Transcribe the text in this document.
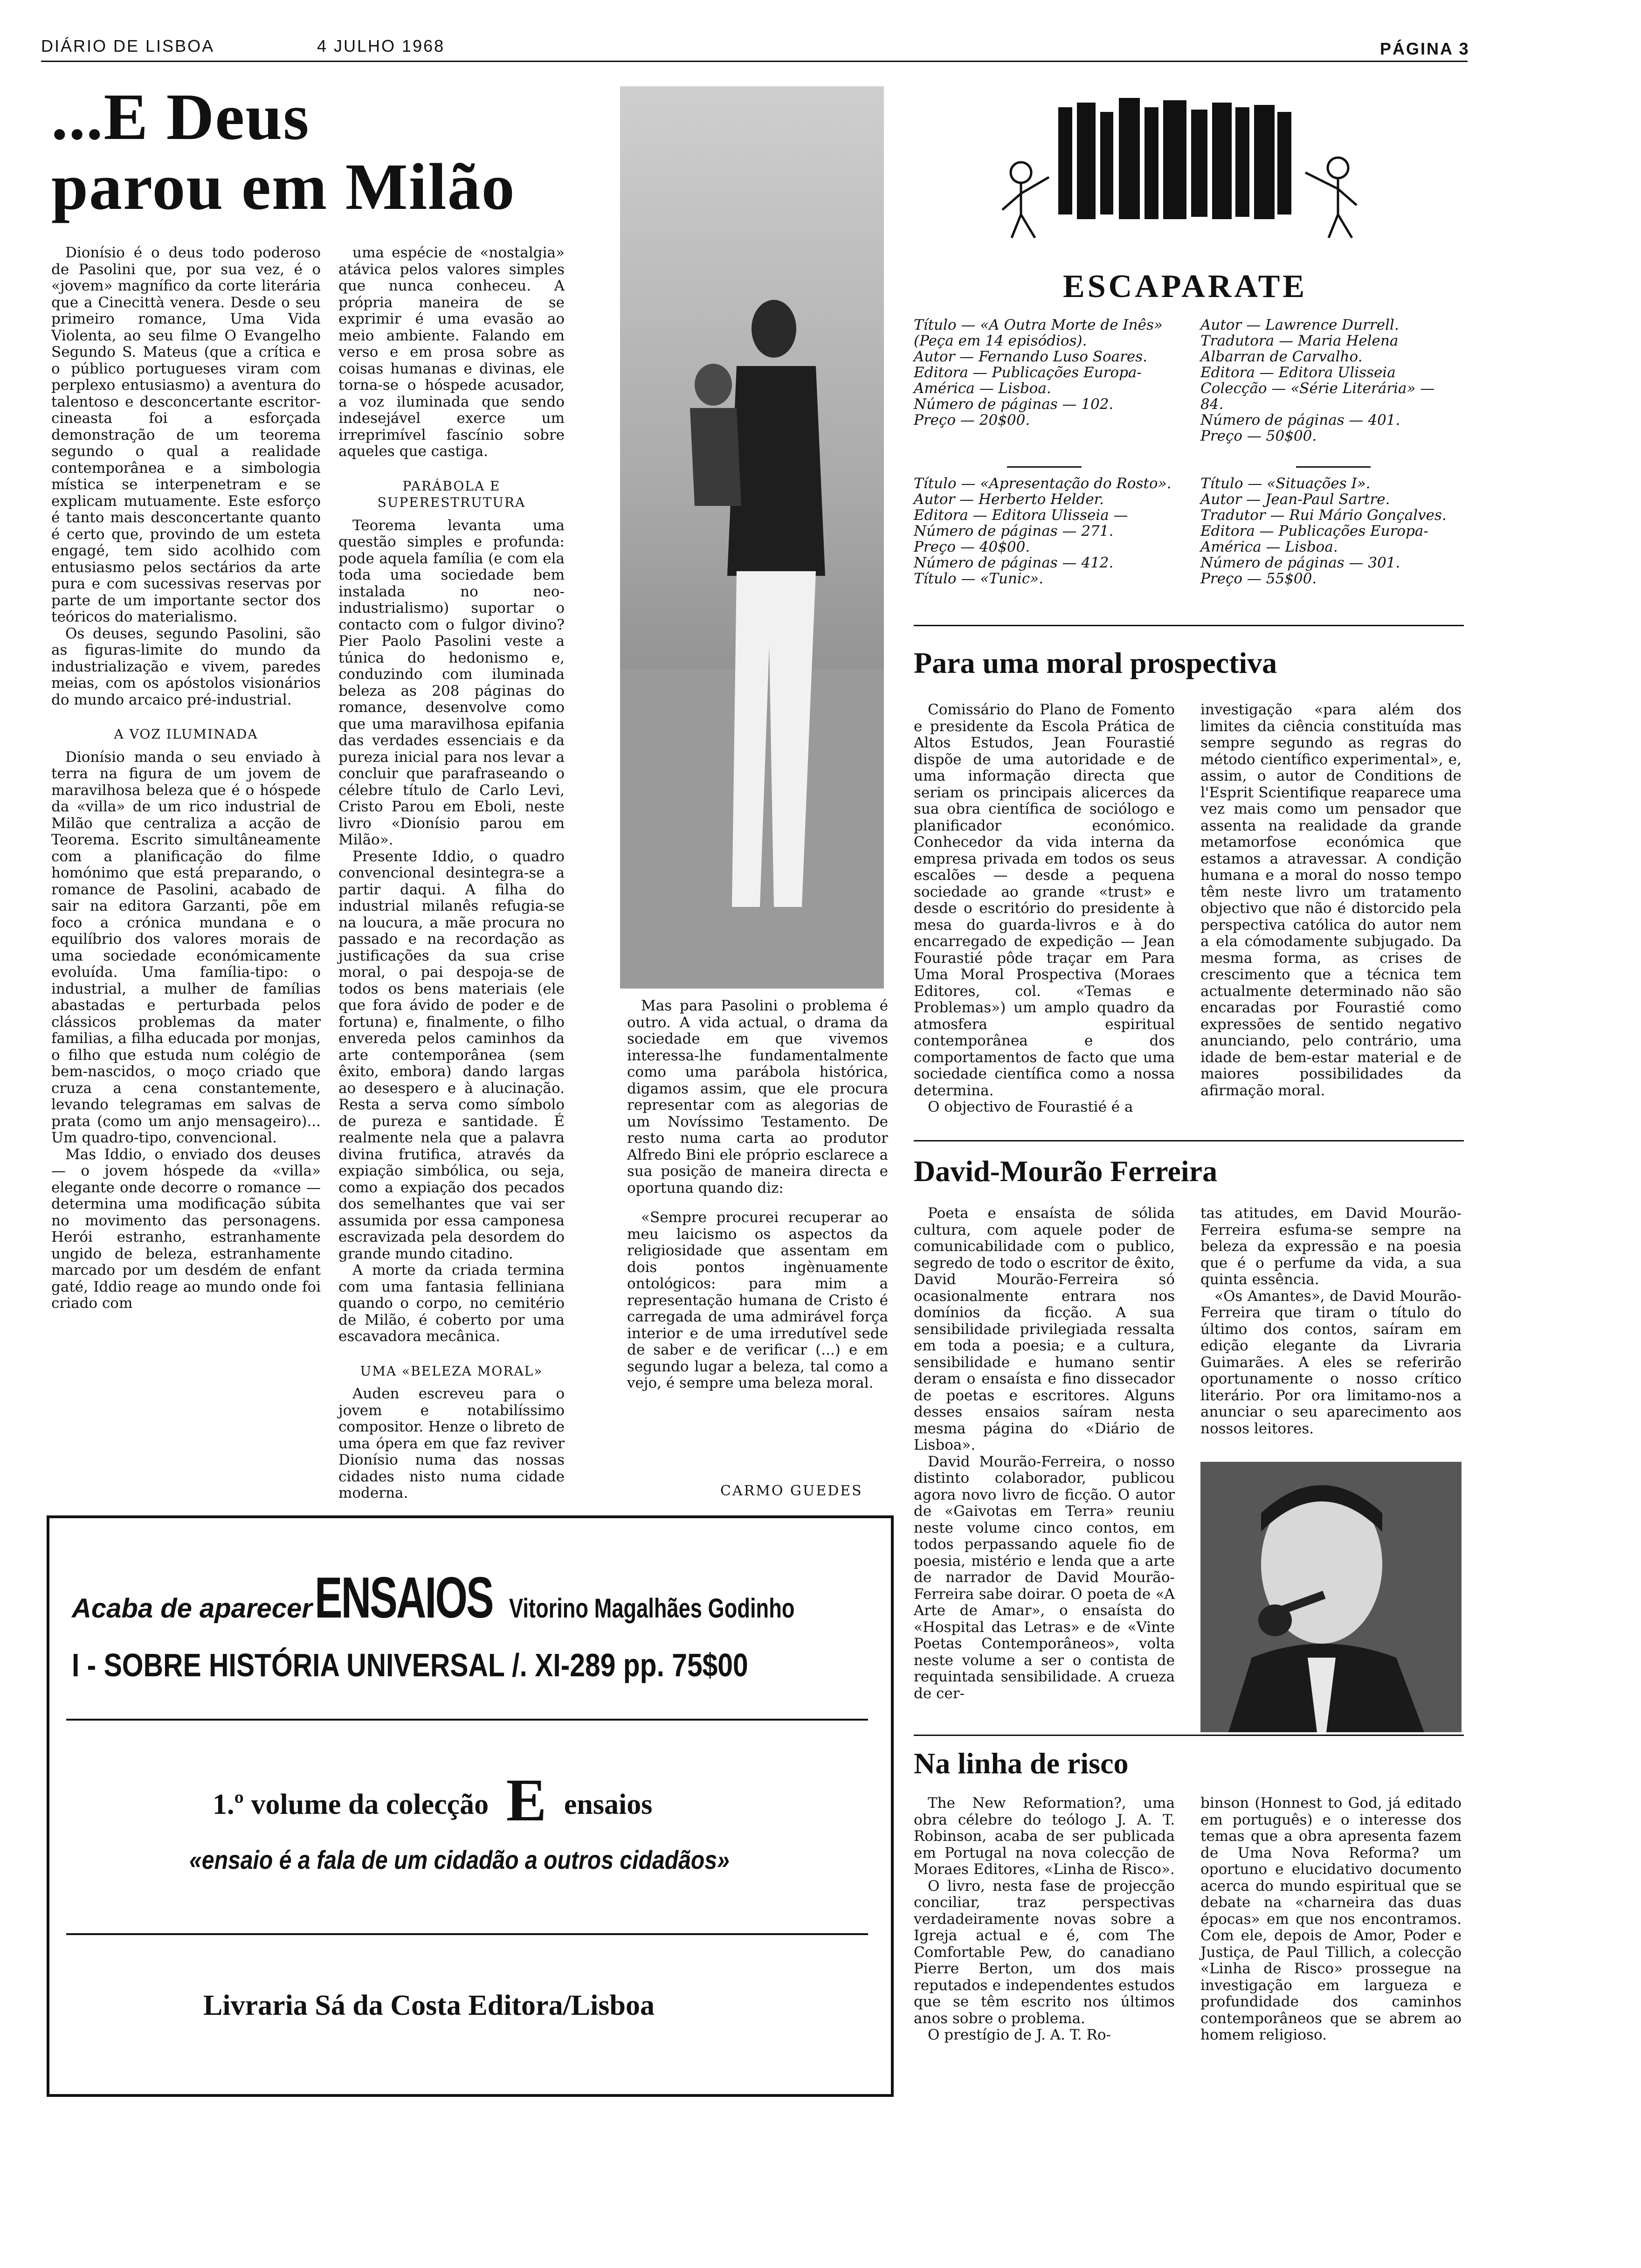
DIÁRIO DE LISBOA	4 JULHO 1968	PÁGINA 3
...E Deus
parou em Milão

Dionísio é o deus todo poderoso de Pasolini que, por sua vez, é o «jovem» magnífico da corte literária que a Cinecittà venera. Desde o seu primeiro romance, Uma Vida Violenta, ao seu filme O Evangelho Segundo S. Mateus (que a crítica e o público portugueses viram com perplexo entusiasmo) a aventura do talentoso e desconcertante escritor-cineasta foi a esforçada demonstração de um teorema segundo o qual a realidade contemporânea e a simbologia mística se interpenetram e se explicam mutuamente. Este esforço é tanto mais desconcertante quanto é certo que, provindo de um esteta engagé, tem sido acolhido com entusiasmo pelos sectários da arte pura e com sucessivas reservas por parte de um importante sector dos teóricos do materialismo.

Os deuses, segundo Pasolini, são as figuras-limite do mundo da industrialização e vivem, paredes meias, com os apóstolos visionários do mundo arcaico pré-industrial.

A VOZ ILUMINADA

Dionísio manda o seu enviado à terra na figura de um jovem de maravilhosa beleza que é o hóspede da «villa» de um rico industrial de Milão que centraliza a acção de Teorema. Escrito simultâneamente com a planificação do filme homónimo que está preparando, o romance de Pasolini, acabado de sair na editora Garzanti, põe em foco a crónica mundana e o equilíbrio dos valores morais de uma sociedade económicamente evoluída. Uma família-tipo: o industrial, a mulher de famílias abastadas e perturbada pelos clássicos problemas da mater familias, a filha educada por monjas, o filho que estuda num colégio de bem-nascidos, o moço criado que cruza a cena constantemente, levando telegramas em salvas de prata (como um anjo mensageiro)... Um quadro-tipo, convencional.

Mas Iddio, o enviado dos deuses — o jovem hóspede da «villa» elegante onde decorre o romance — determina uma modificação súbita no movimento das personagens. Herói estranho, estranhamente ungido de beleza, estranhamente marcado por um desdém de enfant gaté, Iddio reage ao mundo onde foi criado com

uma espécie de «nostalgia» atávica pelos valores simples que nunca conheceu. A própria maneira de se exprimir é uma evasão ao meio ambiente. Falando em verso e em prosa sobre as coisas humanas e divinas, ele torna-se o hóspede acusador, a voz iluminada que sendo indesejável exerce um irreprimível fascínio sobre aqueles que castiga.

PARÁBOLA E SUPERESTRUTURA

Teorema levanta uma questão simples e profunda: pode aquela família (e com ela toda uma sociedade bem instalada no neo-industrialismo) suportar o contacto com o fulgor divino? Pier Paolo Pasolini veste a túnica do hedonismo e, conduzindo com iluminada beleza as 208 páginas do romance, desenvolve como que uma maravilhosa epifania das verdades essenciais e da pureza inicial para nos levar a concluir que parafraseando o célebre título de Carlo Levi, Cristo Parou em Eboli, neste livro «Dionísio parou em Milão».

Presente Iddio, o quadro convencional desintegra-se a partir daqui. A filha do industrial milanês refugia-se na loucura, a mãe procura no passado e na recordação as justificações da sua crise moral, o pai despoja-se de todos os bens materiais (ele que fora ávido de poder e de fortuna) e, finalmente, o filho envereda pelos caminhos da arte contemporânea (sem êxito, embora) dando largas ao desespero e à alucinação. Resta a serva como símbolo de pureza e santidade. É realmente nela que a palavra divina frutifica, através da expiação simbólica, ou seja, como a expiação dos pecados dos semelhantes que vai ser assumida por essa camponesa escravizada pela desordem do grande mundo citadino.

A morte da criada termina com uma fantasia felliniana quando o corpo, no cemitério de Milão, é coberto por uma escavadora mecânica.

UMA «BELEZA MORAL»

Auden escreveu para o jovem e notabilíssimo compositor. Henze o libreto de uma ópera em que faz reviver Dionísio numa das nossas cidades nisto numa cidade moderna.

Mas para Pasolini o problema é outro. A vida actual, o drama da sociedade em que vivemos interessa-lhe fundamentalmente como uma parábola histórica, digamos assim, que ele procura representar com as alegorias de um Novíssimo Testamento. De resto numa carta ao produtor Alfredo Bini ele próprio esclarece a sua posição de maneira directa e oportuna quando diz:

«Sempre procurei recuperar ao meu laicismo os aspectos da religiosidade que assentam em dois pontos ingènuamente ontológicos: para mim a representação humana de Cristo é carregada de uma admirável força interior e de uma irredutível sede de saber e de verificar (...) e em segundo lugar a beleza, tal como a vejo, é sempre uma beleza moral.

CARMO GUEDES
Acaba de aparecer ENSAIOS Vitorino Magalhães Godinho
I - SOBRE HISTÓRIA UNIVERSAL /. XI-289 pp. 75$00
1.º volume da colecção E ensaios
«ensaio é a fala de um cidadão a outros cidadãos»
Livraria Sá da Costa Editora/Lisboa
ESCAPARATE
Título — «A Outra Morte de Inês» (Peça em 14 episódios).
Autor — Fernando Luso Soares.
Editora — Publicações Europa-América — Lisboa.
Número de páginas — 102.
Preço — 20$00.
Título — «Apresentação do Rosto».
Autor — Herberto Helder.
Editora — Editora Ulisseia —
Número de páginas — 271.
Preço — 40$00.
Número de páginas — 412.
Título — «Tunic».
Autor — Lawrence Durrell.
Tradutora — Maria Helena Albarran de Carvalho.
Editora — Editora Ulisseia
Colecção — «Série Literária» — 84.
Número de páginas — 401.
Preço — 50$00.
Título — «Situações I».
Autor — Jean-Paul Sartre.
Tradutor — Rui Mário Gonçalves.
Editora — Publicações Europa-América — Lisboa.
Número de páginas — 301.
Preço — 55$00.
Para uma moral prospectiva

Comissário do Plano de Fomento e presidente da Escola Prática de Altos Estudos, Jean Fourastié dispõe de uma autoridade e de uma informação directa que seriam os principais alicerces da sua obra científica de sociólogo e planificador económico. Conhecedor da vida interna da empresa privada em todos os seus escalões — desde a pequena sociedade ao grande «trust» e desde o escritório do presidente à mesa do guarda-livros e à do encarregado de expedição — Jean Fourastié pôde traçar em Para Uma Moral Prospectiva (Moraes Editores, col. «Temas e Problemas») um amplo quadro da atmosfera espiritual contemporânea e dos comportamentos de facto que uma sociedade científica como a nossa determina.

O objectivo de Fourastié é a

investigação «para além dos limites da ciência constituída mas sempre segundo as regras do método científico experimental», e, assim, o autor de Conditions de l'Esprit Scientifique reaparece uma vez mais como um pensador que assenta na realidade da grande metamorfose económica que estamos a atravessar. A condição humana e a moral do nosso tempo têm neste livro um tratamento objectivo que não é distorcido pela perspectiva católica do autor nem a ela cómodamente subjugado. Da mesma forma, as crises de crescimento que a técnica tem actualmente determinado não são encaradas por Fourastié como expressões de sentido negativo anunciando, pelo contrário, uma idade de bem-estar material e de maiores possibilidades da afirmação moral.

David-Mourão Ferreira

Poeta e ensaísta de sólida cultura, com aquele poder de comunicabilidade com o publico, segredo de todo o escritor de êxito, David Mourão-Ferreira só ocasionalmente entrara nos domínios da ficção. A sua sensibilidade privilegiada ressalta em toda a poesia; e a cultura, sensibilidade e humano sentir deram o ensaísta e fino dissecador de poetas e escritores. Alguns desses ensaios saíram nesta mesma página do «Diário de Lisboa».

David Mourão-Ferreira, o nosso distinto colaborador, publicou agora novo livro de ficção. O autor de «Gaivotas em Terra» reuniu neste volume cinco contos, em todos perpassando aquele fio de poesia, mistério e lenda que a arte de narrador de David Mourão-Ferreira sabe doirar. O poeta de «A Arte de Amar», o ensaísta do «Hospital das Letras» e de «Vinte Poetas Contemporâneos», volta neste volume a ser o contista de requintada sensibilidade. A crueza de cer-

tas atitudes, em David Mourão-Ferreira esfuma-se sempre na beleza da expressão e na poesia que é o perfume da vida, a sua quinta essência.

«Os Amantes», de David Mourão-Ferreira que tiram o título do último dos contos, saíram em edição elegante da Livraria Guimarães. A eles se referirão oportunamente o nosso crítico literário. Por ora limitamo-nos a anunciar o seu aparecimento aos nossos leitores.

Na linha de risco

The New Reformation?, uma obra célebre do teólogo J. A. T. Robinson, acaba de ser publicada em Portugal na nova colecção de Moraes Editores, «Linha de Risco».

O livro, nesta fase de projecção conciliar, traz perspectivas verdadeiramente novas sobre a Igreja actual e é, com The Comfortable Pew, do canadiano Pierre Berton, um dos mais reputados e independentes estudos que se têm escrito nos últimos anos sobre o problema.

O prestígio de J. A. T. Ro-

binson (Honnest to God, já editado em português) e o interesse dos temas que a obra apresenta fazem de Uma Nova Reforma? um oportuno e elucidativo documento acerca do mundo espiritual que se debate na «charneira das duas épocas» em que nos encontramos. Com ele, depois de Amor, Poder e Justiça, de Paul Tillich, a colecção «Linha de Risco» prossegue na investigação em largueza e profundidade dos caminhos contemporâneos que se abrem ao homem religioso.
